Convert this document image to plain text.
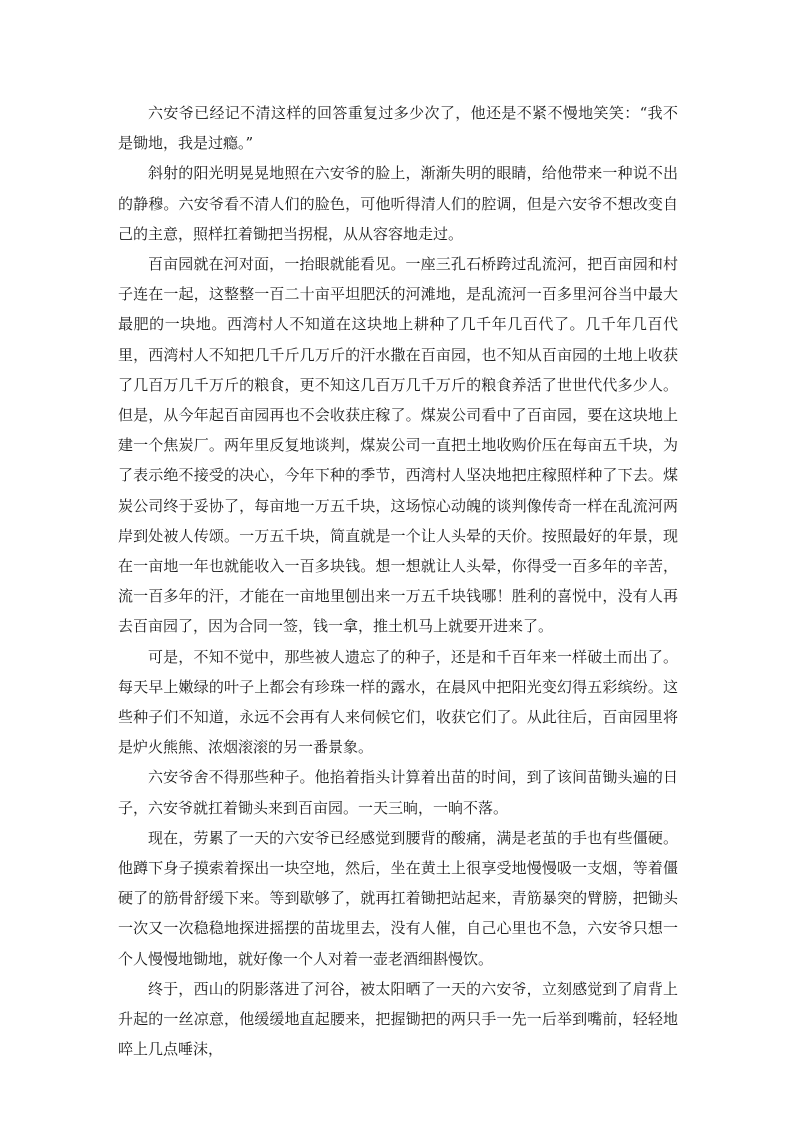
六安爷已经记不清这样的回答重复过多少次了，他还是不紧不慢地笑笑：“我不是锄地，我是过瘾。”

斜射的阳光明晃晃地照在六安爷的脸上，渐渐失明的眼睛，给他带来一种说不出的静穆。六安爷看不清人们的脸色，可他听得清人们的腔调，但是六安爷不想改变自己的主意，照样扛着锄把当拐棍，从从容容地走过。

百亩园就在河对面，一抬眼就能看见。一座三孔石桥跨过乱流河，把百亩园和村子连在一起，这整整一百二十亩平坦肥沃的河滩地，是乱流河一百多里河谷当中最大最肥的一块地。西湾村人不知道在这块地上耕种了几千年几百代了。几千年几百代里，西湾村人不知把几千斤几万斤的汗水撒在百亩园，也不知从百亩园的土地上收获了几百万几千万斤的粮食，更不知这几百万几千万斤的粮食养活了世世代代多少人。但是，从今年起百亩园再也不会收获庄稼了。煤炭公司看中了百亩园，要在这块地上建一个焦炭厂。两年里反复地谈判，煤炭公司一直把土地收购价压在每亩五千块，为了表示绝不接受的决心，今年下种的季节，西湾村人坚决地把庄稼照样种了下去。煤炭公司终于妥协了，每亩地一万五千块，这场惊心动魄的谈判像传奇一样在乱流河两岸到处被人传颂。一万五千块，简直就是一个让人头晕的天价。按照最好的年景，现在一亩地一年也就能收入一百多块钱。想一想就让人头晕，你得受一百多年的辛苦，流一百多年的汗，才能在一亩地里刨出来一万五千块钱哪！胜利的喜悦中，没有人再去百亩园了，因为合同一签，钱一拿，推土机马上就要开进来了。

可是，不知不觉中，那些被人遗忘了的种子，还是和千百年来一样破土而出了。每天早上嫩绿的叶子上都会有珍珠一样的露水，在晨风中把阳光变幻得五彩缤纷。这些种子们不知道，永远不会再有人来伺候它们，收获它们了。从此往后，百亩园里将是炉火熊熊、浓烟滚滚的另一番景象。

六安爷舍不得那些种子。他掐着指头计算着出苗的时间，到了该间苗锄头遍的日子，六安爷就扛着锄头来到百亩园。一天三晌，一晌不落。

现在，劳累了一天的六安爷已经感觉到腰背的酸痛，满是老茧的手也有些僵硬。他蹲下身子摸索着探出一块空地，然后，坐在黄土上很享受地慢慢吸一支烟，等着僵硬了的筋骨舒缓下来。等到歇够了，就再扛着锄把站起来，青筋暴突的臂膀，把锄头一次又一次稳稳地探进摇摆的苗垅里去，没有人催，自己心里也不急，六安爷只想一个人慢慢地锄地，就好像一个人对着一壶老酒细斟慢饮。

终于，西山的阴影落进了河谷，被太阳晒了一天的六安爷，立刻感觉到了肩背上升起的一丝凉意，他缓缓地直起腰来，把握锄把的两只手一先一后举到嘴前，轻轻地啐上几点唾沫，
